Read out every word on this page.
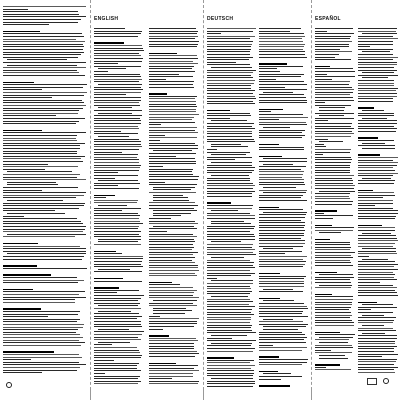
ENGLISH	DEUTSCH	ESPAÑOL
